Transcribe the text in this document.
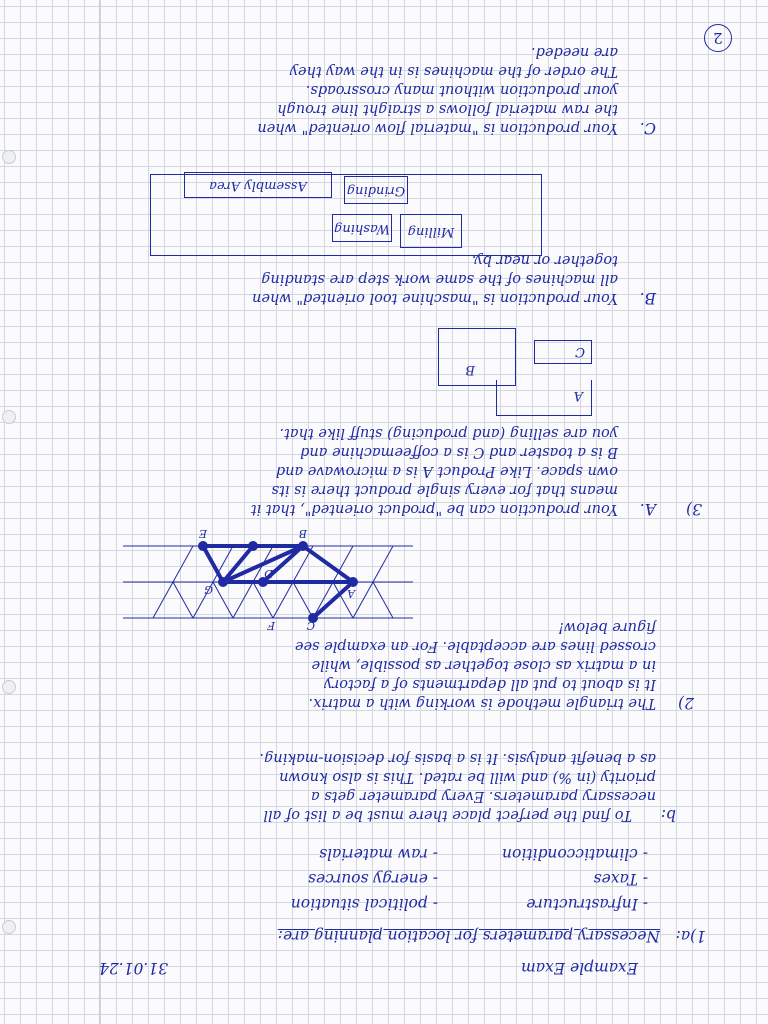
2

Example Exam

31.01.24

1)a:

Necessary parameters for location planning are:

- Infrastructure

- Taxes

- climaticcondition

- political situation

- energy sources

- raw materials

b:

To find the perfect place there must be a list of all

necessary parameters. Every parameter gets a

priority (in %) and will be rated. This is also known

as a benefit analysis. It is a basis for decision-making.

2)

The triangle methode is working with a matrix.

It is about to put all departments of a factory

in a matrix as close together as possible, while

crossed lines are acceptable. For an example see

figure below!

A
B
C
D
E
F
G

3)

A.

Your production can be "product oriented", that it

means that for every single product there is its

own space. Like Product A is a microwave and

B is a toaster and C is a coffeemachine and

you are selling (and producing) stuff like that.

A
B
C

B.

Your production is "maschine tool oriented" when

all machines of the same work step are standing

together or near by.

Milling
Washing
Grinding
Assembly Area

C.

Your production is "material flow oriented" when

the raw material follows a straight line trough

your production without many crossroads.

The order of the machines is in the way they

are needed.
